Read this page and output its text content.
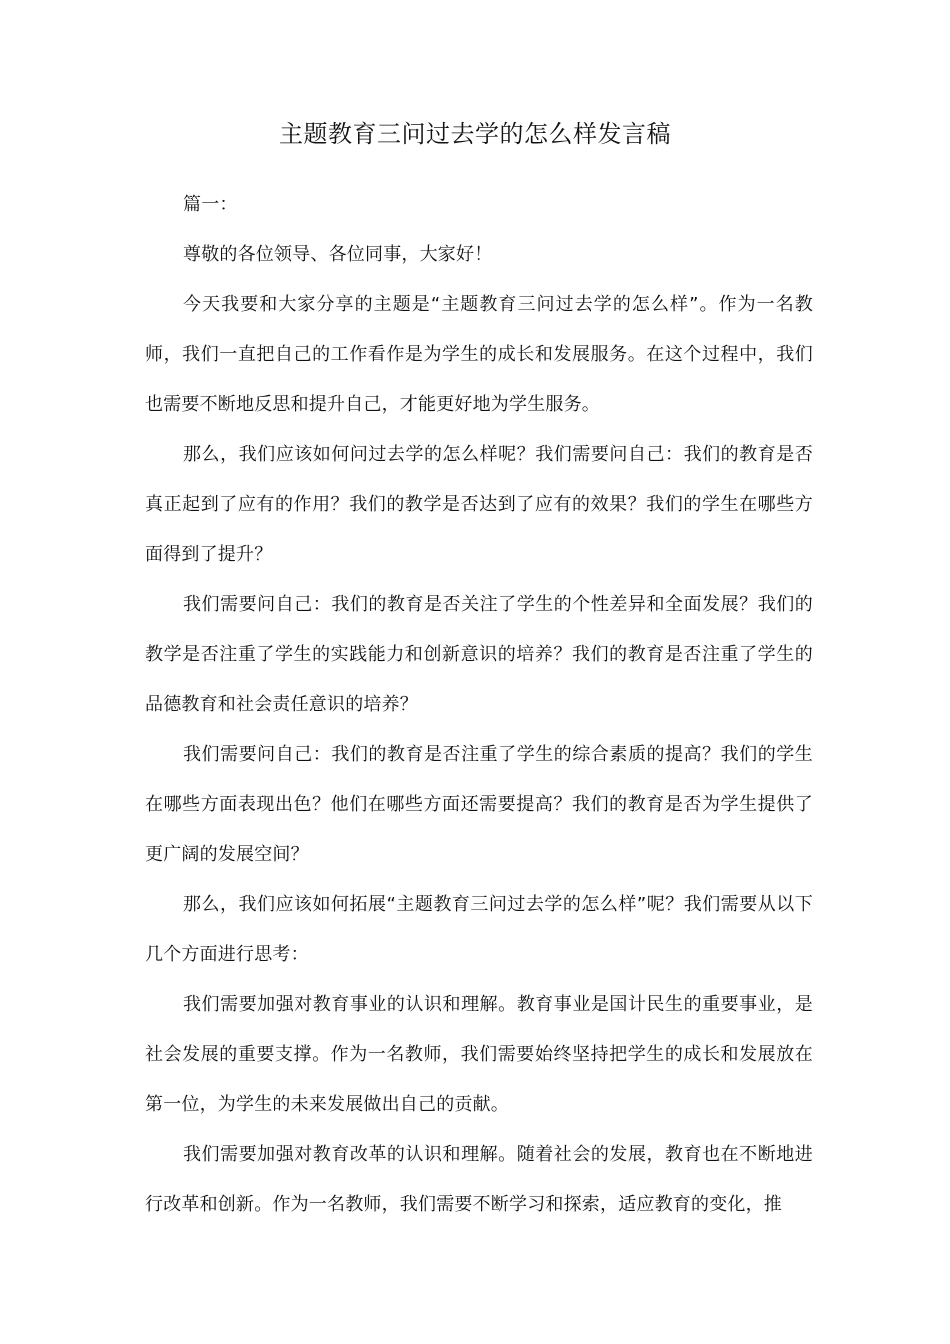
主题教育三问过去学的怎么样发言稿

篇一：

尊敬的各位领导、各位同事，大家好！

今天我要和大家分享的主题是“主题教育三问过去学的怎么样”。作为一名教师，我们一直把自己的工作看作是为学生的成长和发展服务。在这个过程中，我们也需要不断地反思和提升自己，才能更好地为学生服务。

那么，我们应该如何问过去学的怎么样呢？我们需要问自己：我们的教育是否真正起到了应有的作用？我们的教学是否达到了应有的效果？我们的学生在哪些方面得到了提升？

我们需要问自己：我们的教育是否关注了学生的个性差异和全面发展？我们的教学是否注重了学生的实践能力和创新意识的培养？我们的教育是否注重了学生的品德教育和社会责任意识的培养？

我们需要问自己：我们的教育是否注重了学生的综合素质的提高？我们的学生在哪些方面表现出色？他们在哪些方面还需要提高？我们的教育是否为学生提供了更广阔的发展空间？

那么，我们应该如何拓展“主题教育三问过去学的怎么样”呢？我们需要从以下几个方面进行思考：

我们需要加强对教育事业的认识和理解。教育事业是国计民生的重要事业，是社会发展的重要支撑。作为一名教师，我们需要始终坚持把学生的成长和发展放在第一位，为学生的未来发展做出自己的贡献。

我们需要加强对教育改革的认识和理解。随着社会的发展，教育也在不断地进行改革和创新。作为一名教师，我们需要不断学习和探索，适应教育的变化，推
